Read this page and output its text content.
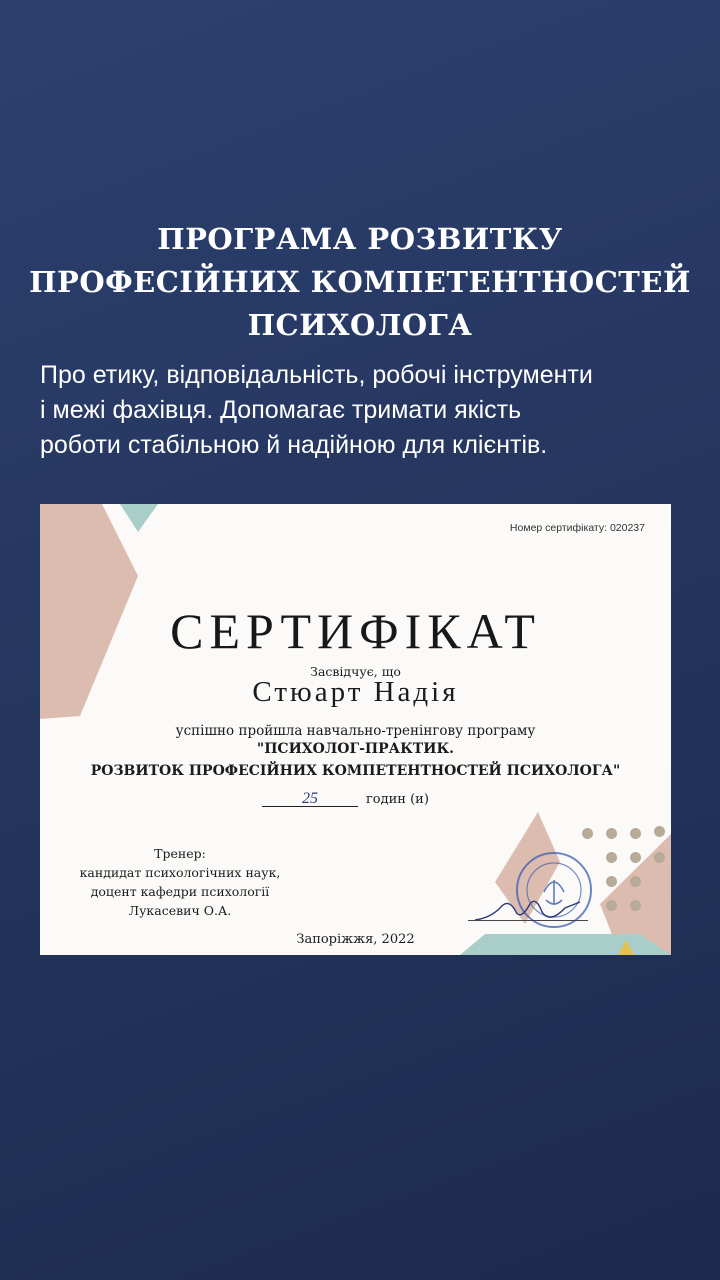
ПРОГРАМА РОЗВИТКУ
ПРОФЕСІЙНИХ КОМПЕТЕНТНОСТЕЙ
ПСИХОЛОГА
Про етику, відповідальність, робочі інструменти
і межі фахівця. Допомагає тримати якість
роботи стабільною й надійною для клієнтів.
Номер сертифікату: 020237
СЕРТИФІКАТ
Засвідчує, що
Стюарт Надія
успішно пройшла навчально-тренінгову програму
"ПСИХОЛОГ-ПРАКТИК.
РОЗВИТОК ПРОФЕСІЙНИХ КОМПЕТЕНТНОСТЕЙ ПСИХОЛОГА"
25	годин (и)
Тренер:
кандидат психологічних наук,
доцент кафедри психології
Лукасевич О.А.
Запоріжжя, 2022
